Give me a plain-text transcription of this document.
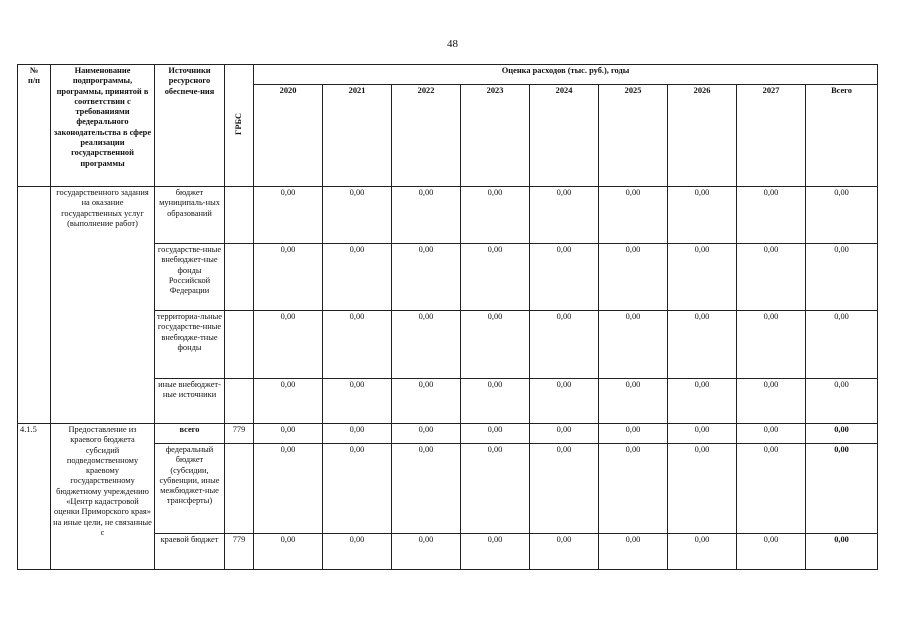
48
№
п/п	Наименование подпрограммы, программы, принятой в соответствии с требованиями федерального законодательства в сфере реализации государственной программы	Источники ресурсного обеспече-ния	ГРБС	Оценка расходов (тыс. руб.), годы								
				2020	2021	2022	2023	2024	2025	2026	2027	Всего
	государственного задания на оказание государственных услуг (выполнение работ)	бюджет муниципаль-ных образований		0,00	0,00	0,00	0,00	0,00	0,00	0,00	0,00	0,00
		государстве-нные внебюджет-ные фонды Российской Федерации		0,00	0,00	0,00	0,00	0,00	0,00	0,00	0,00	0,00
		территориа-льные государстве-нные внебюдже-тные фонды		0,00	0,00	0,00	0,00	0,00	0,00	0,00	0,00	0,00
		иные внебюджет-ные источники		0,00	0,00	0,00	0,00	0,00	0,00	0,00	0,00	0,00
4.1.5	Предоставление из краевого бюджета субсидий подведомственному краевому государственному бюджетному учреждению «Центр кадастровой оценки Приморского края» на иные цели, не связанные с	всего	779	0,00	0,00	0,00	0,00	0,00	0,00	0,00	0,00	0,00
		федеральный бюджет (субсидии, субвенции, иные межбюджет-ные трансферты)		0,00	0,00	0,00	0,00	0,00	0,00	0,00	0,00	0,00
		краевой бюджет	779	0,00	0,00	0,00	0,00	0,00	0,00	0,00	0,00	0,00
